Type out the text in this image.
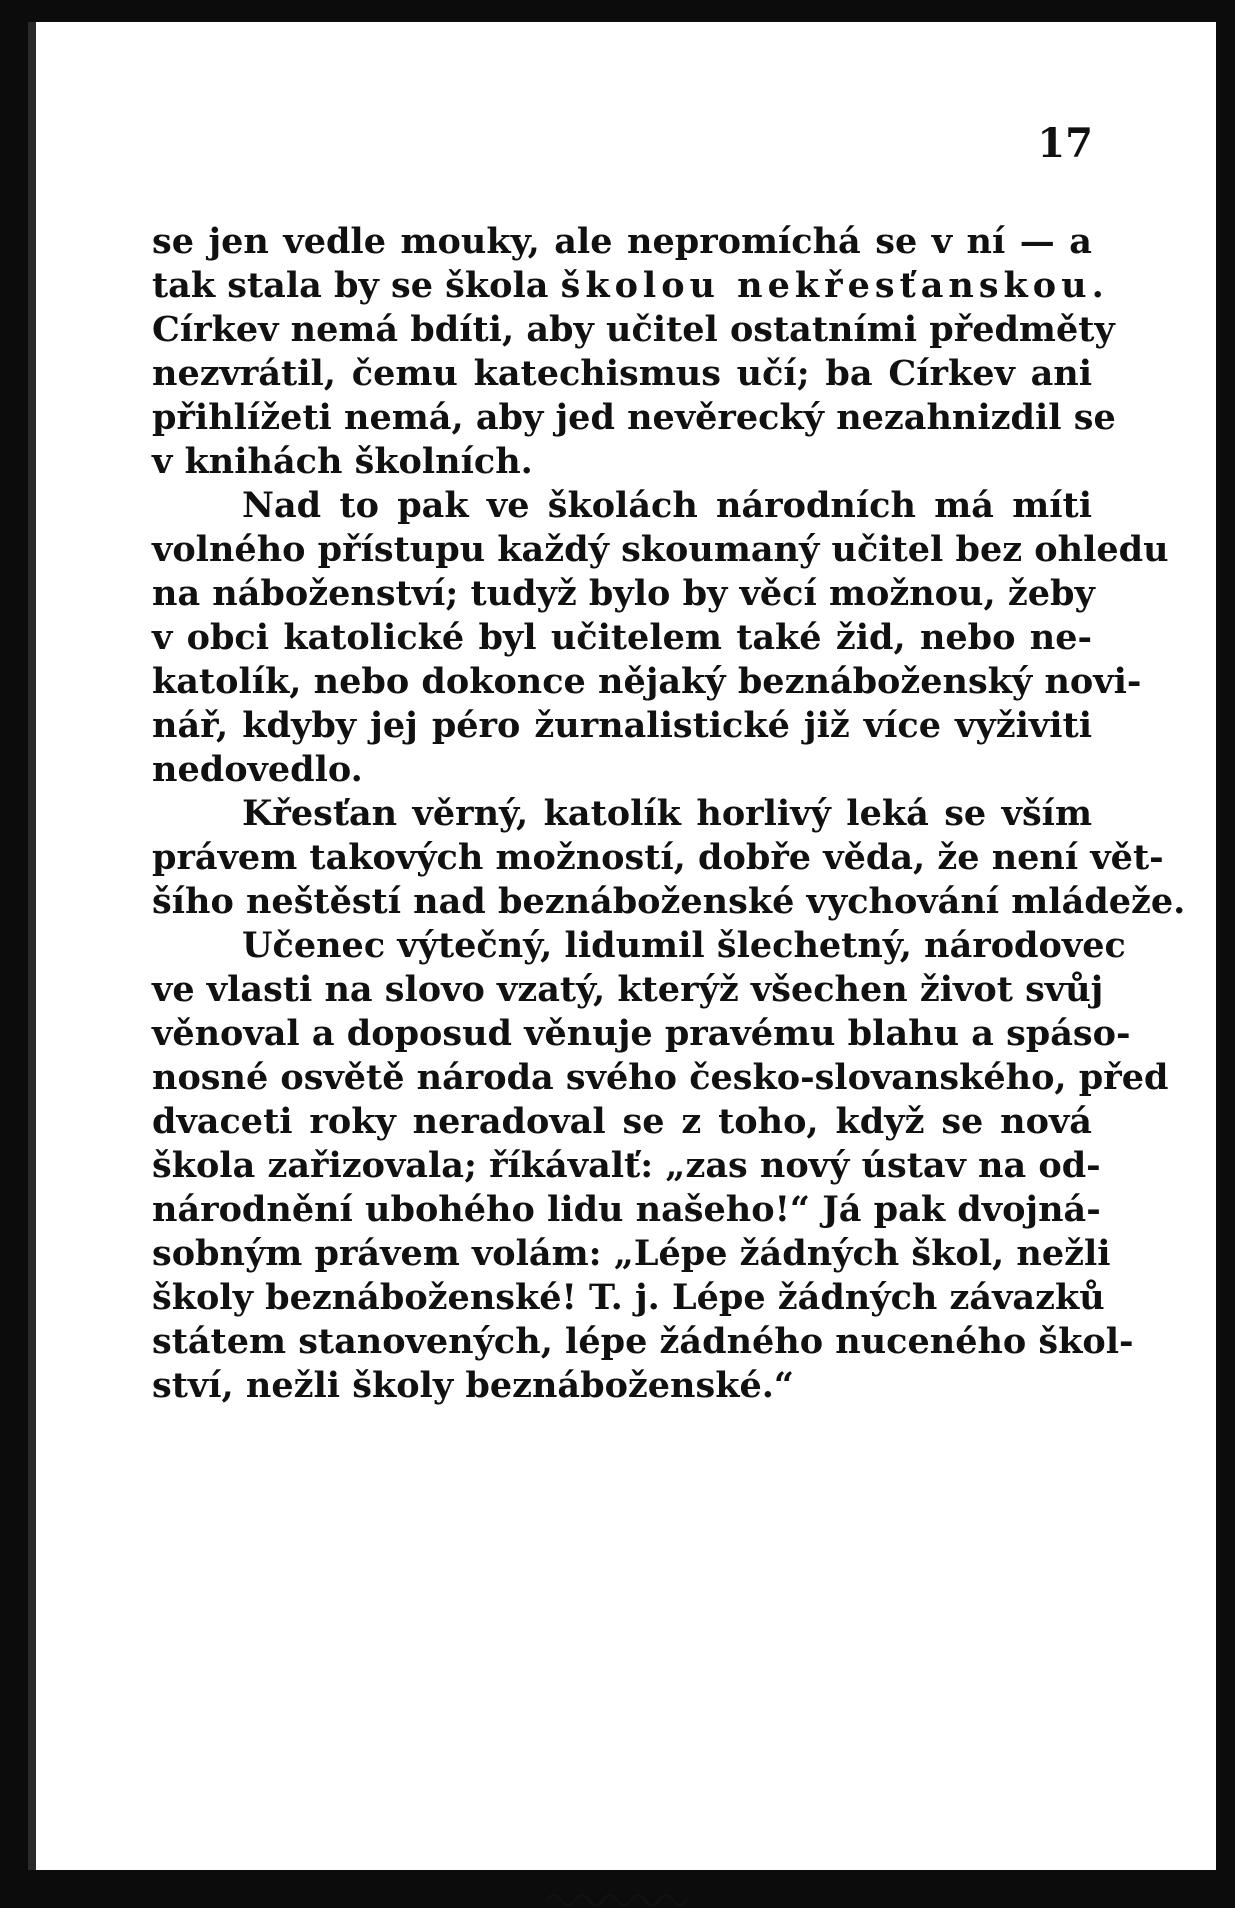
17

se jen vedle mouky, ale nepromíchá se v ní — a
tak stala by se škola školou nekřesťanskou.
Církev nemá bdíti, aby učitel ostatními předměty
nezvrátil, čemu katechismus učí; ba Církev ani
přihlížeti nemá, aby jed nevěrecký nezahnizdil se
v knihách školních.
Nad to pak ve školách národních má míti
volného přístupu každý skoumaný učitel bez ohledu
na náboženství; tudyž bylo by věcí možnou, žeby
v obci katolické byl učitelem také žid, nebo ne-
katolík, nebo dokonce nějaký beznáboženský novi-
nář, kdyby jej péro žurnalistické již více vyživiti
nedovedlo.
Křesťan věrný, katolík horlivý leká se vším
právem takových možností, dobře věda, že není vět-
šího neštěstí nad beznáboženské vychování mládeže.
Učenec výtečný, lidumil šlechetný, národovec
ve vlasti na slovo vzatý, kterýž všechen život svůj
věnoval a doposud věnuje pravému blahu a spáso-
nosné osvětě národa svého česko-slovanského, před
dvaceti roky neradoval se z toho, když se nová
škola zařizovala; říkávalť: „zas nový ústav na od-
národnění ubohého lidu našeho!“ Já pak dvojná-
sobným právem volám: „Lépe žádných škol, nežli
školy beznáboženské! T. j. Lépe žádných závazků
státem stanovených, lépe žádného nuceného škol-
ství, nežli školy beznáboženské.“
